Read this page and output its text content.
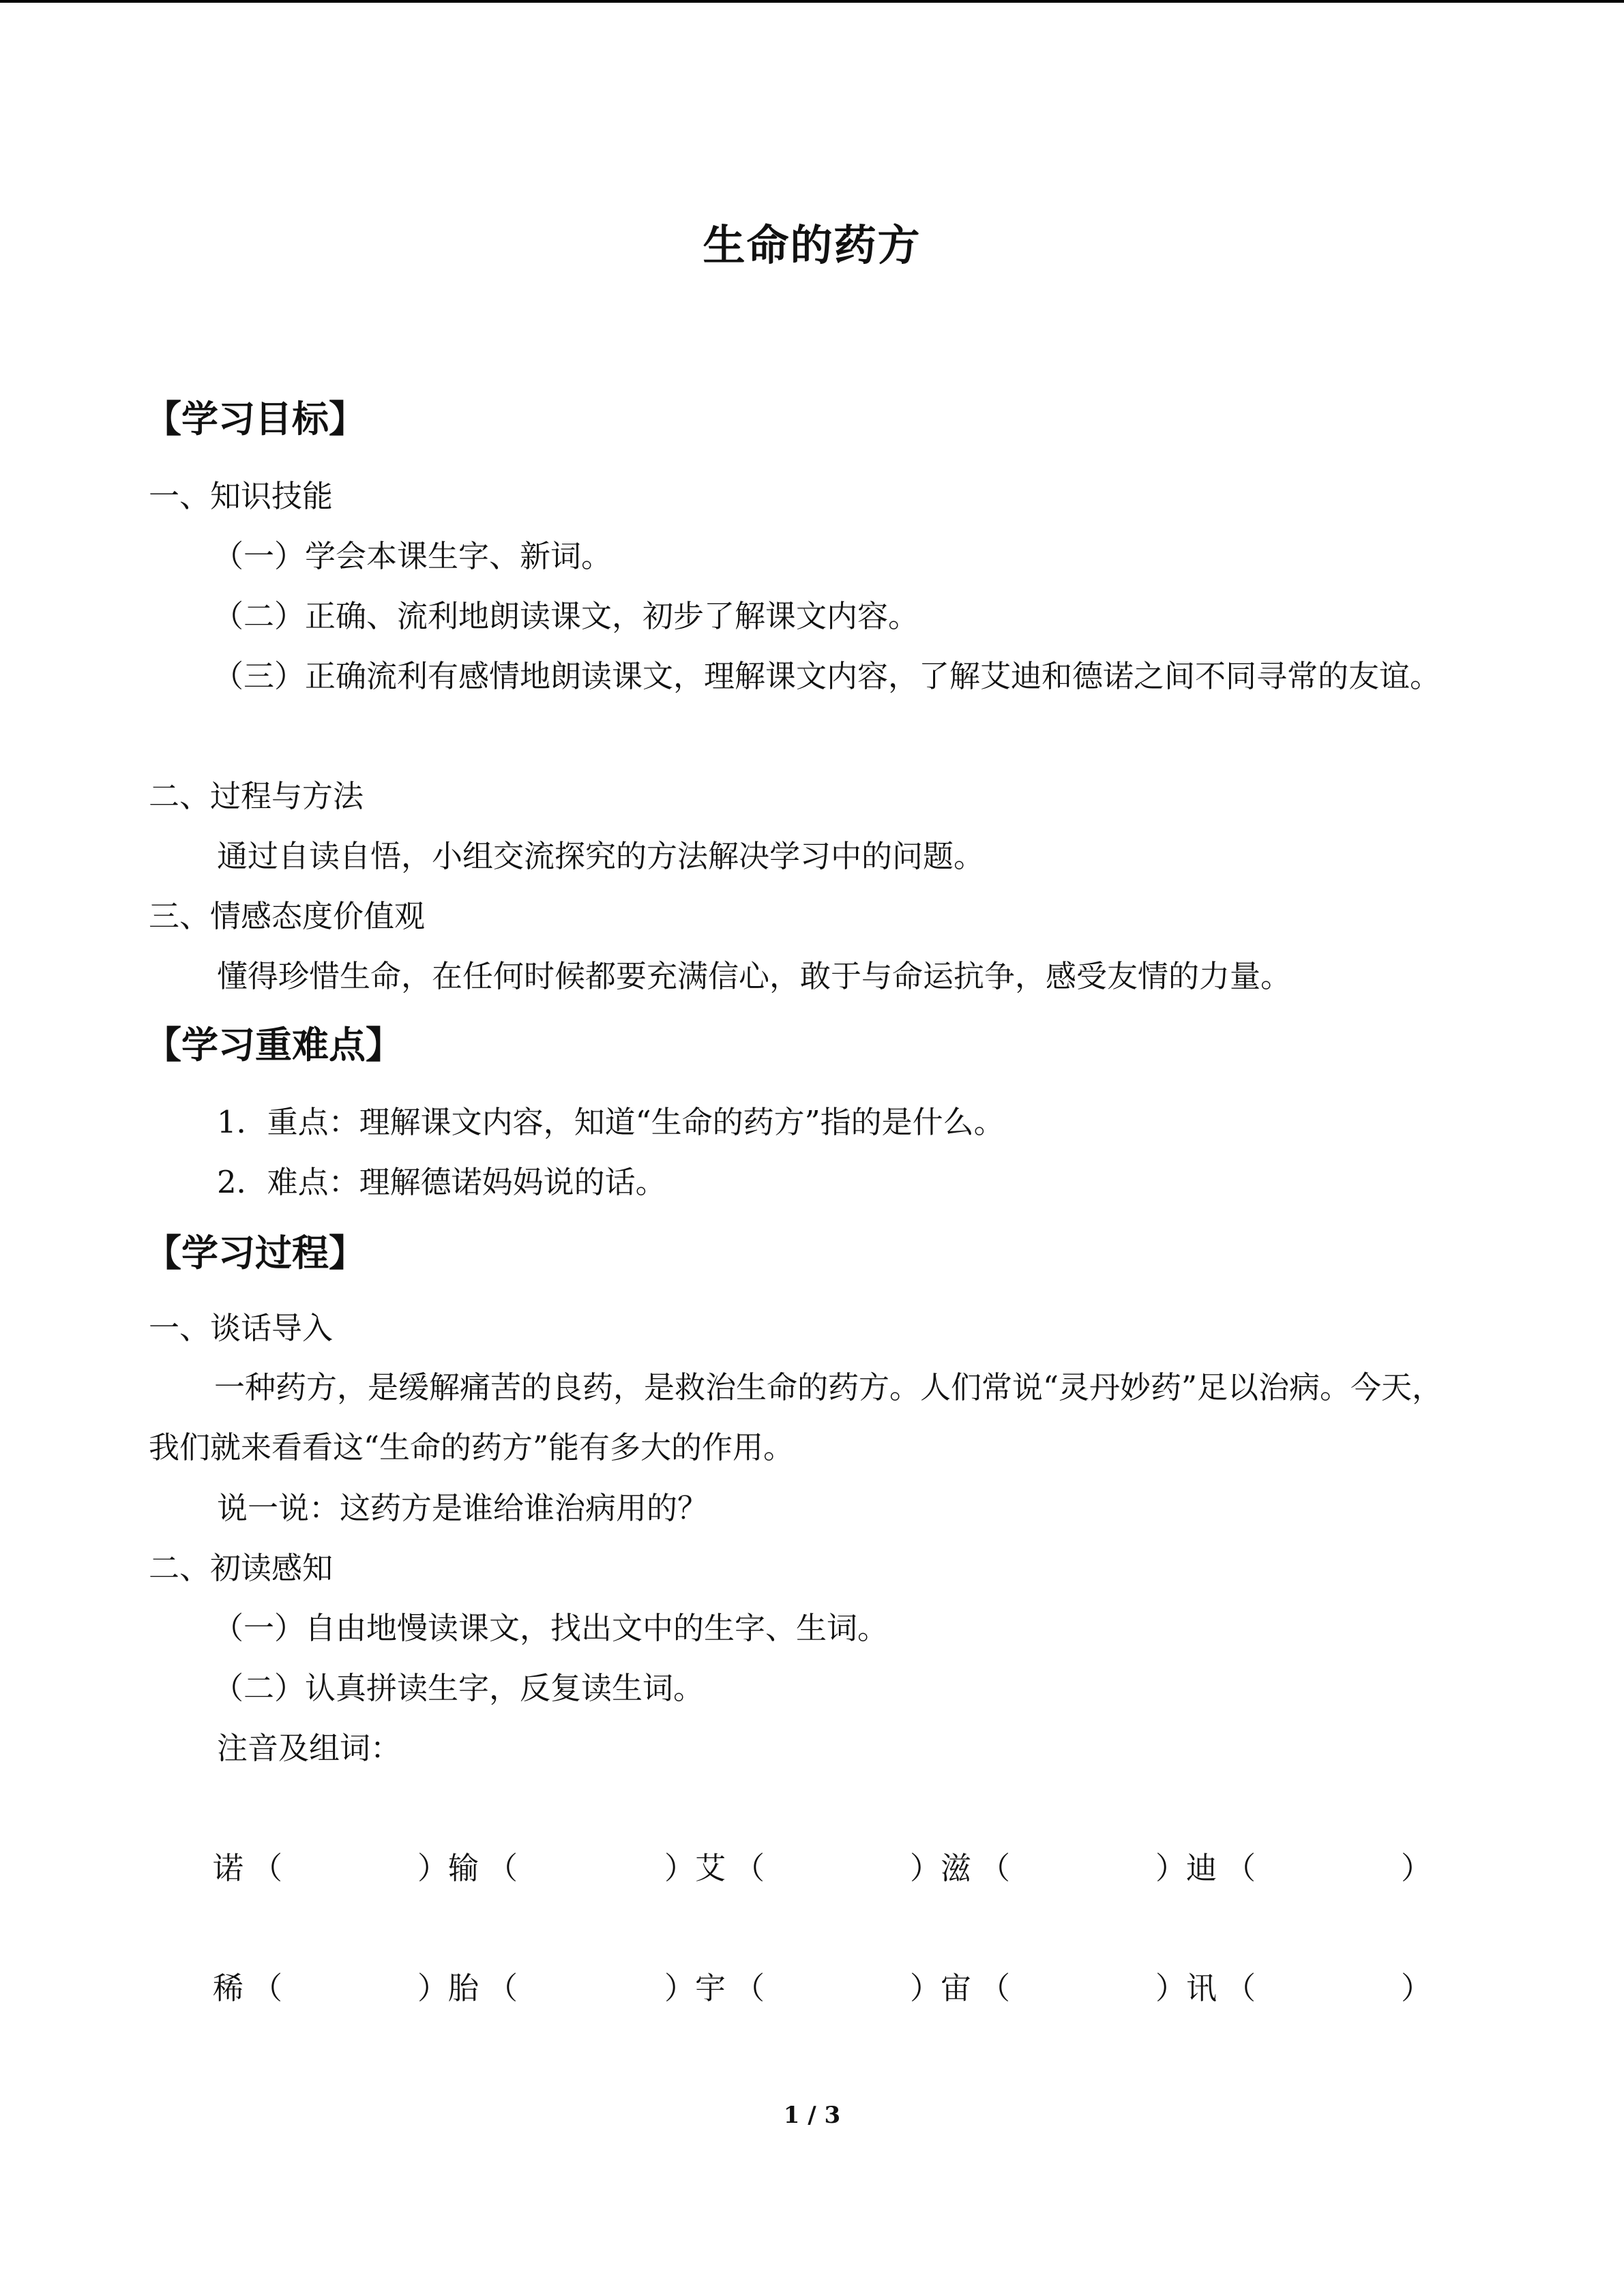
生命的药方
【学习目标】
一、知识技能
（一）学会本课生字、新词。
（二）正确、流利地朗读课文，初步了解课文内容。
（三）正确流利有感情地朗读课文，理解课文内容，了解艾迪和德诺之间不同寻常的友谊。
二、过程与方法
通过自读自悟，小组交流探究的方法解决学习中的问题。
三、情感态度价值观
懂得珍惜生命，在任何时候都要充满信心，敢于与命运抗争，感受友情的力量。
【学习重难点】
1．重点：理解课文内容，知道“生命的药方”指的是什么。
2．难点：理解德诺妈妈说的话。
【学习过程】
一、谈话导入
一种药方，是缓解痛苦的良药，是救治生命的药方。人们常说“灵丹妙药”足以治病。今天，我们就来看看这“生命的药方”能有多大的作用。
说一说：这药方是谁给谁治病用的？
二、初读感知
（一）自由地慢读课文，找出文中的生字、生词。
（二）认真拼读生字，反复读生词。
注音及组词：
诺 （	）输 （	）艾 （	）滋 （	）迪 （	）
稀 （	）胎 （	）宇 （	）宙 （	）讯 （	）
1 / 3
